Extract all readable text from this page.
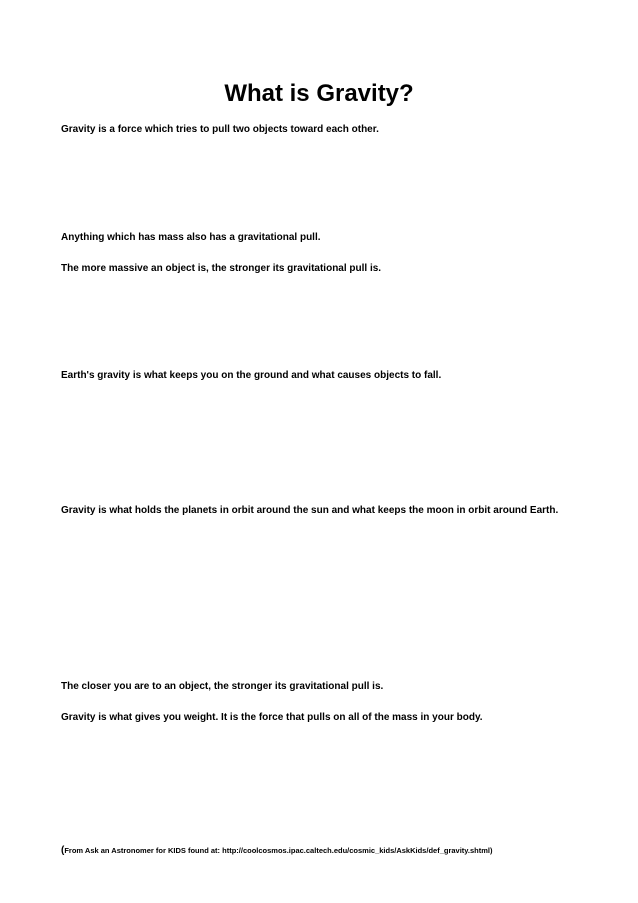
What is Gravity?

Gravity is a force which tries to pull two objects toward each other.

Anything which has mass also has a gravitational pull.

The more massive an object is, the stronger its gravitational pull is.

Earth's gravity is what keeps you on the ground and what causes objects to fall.

Gravity is what holds the planets in orbit around the sun and what keeps the moon in orbit around Earth.

The closer you are to an object, the stronger its gravitational pull is.

Gravity is what gives you weight. It is the force that pulls on all of the mass in your body.

(From Ask an Astronomer for KIDS found at: http://coolcosmos.ipac.caltech.edu/cosmic_kids/AskKids/def_gravity.shtml)
